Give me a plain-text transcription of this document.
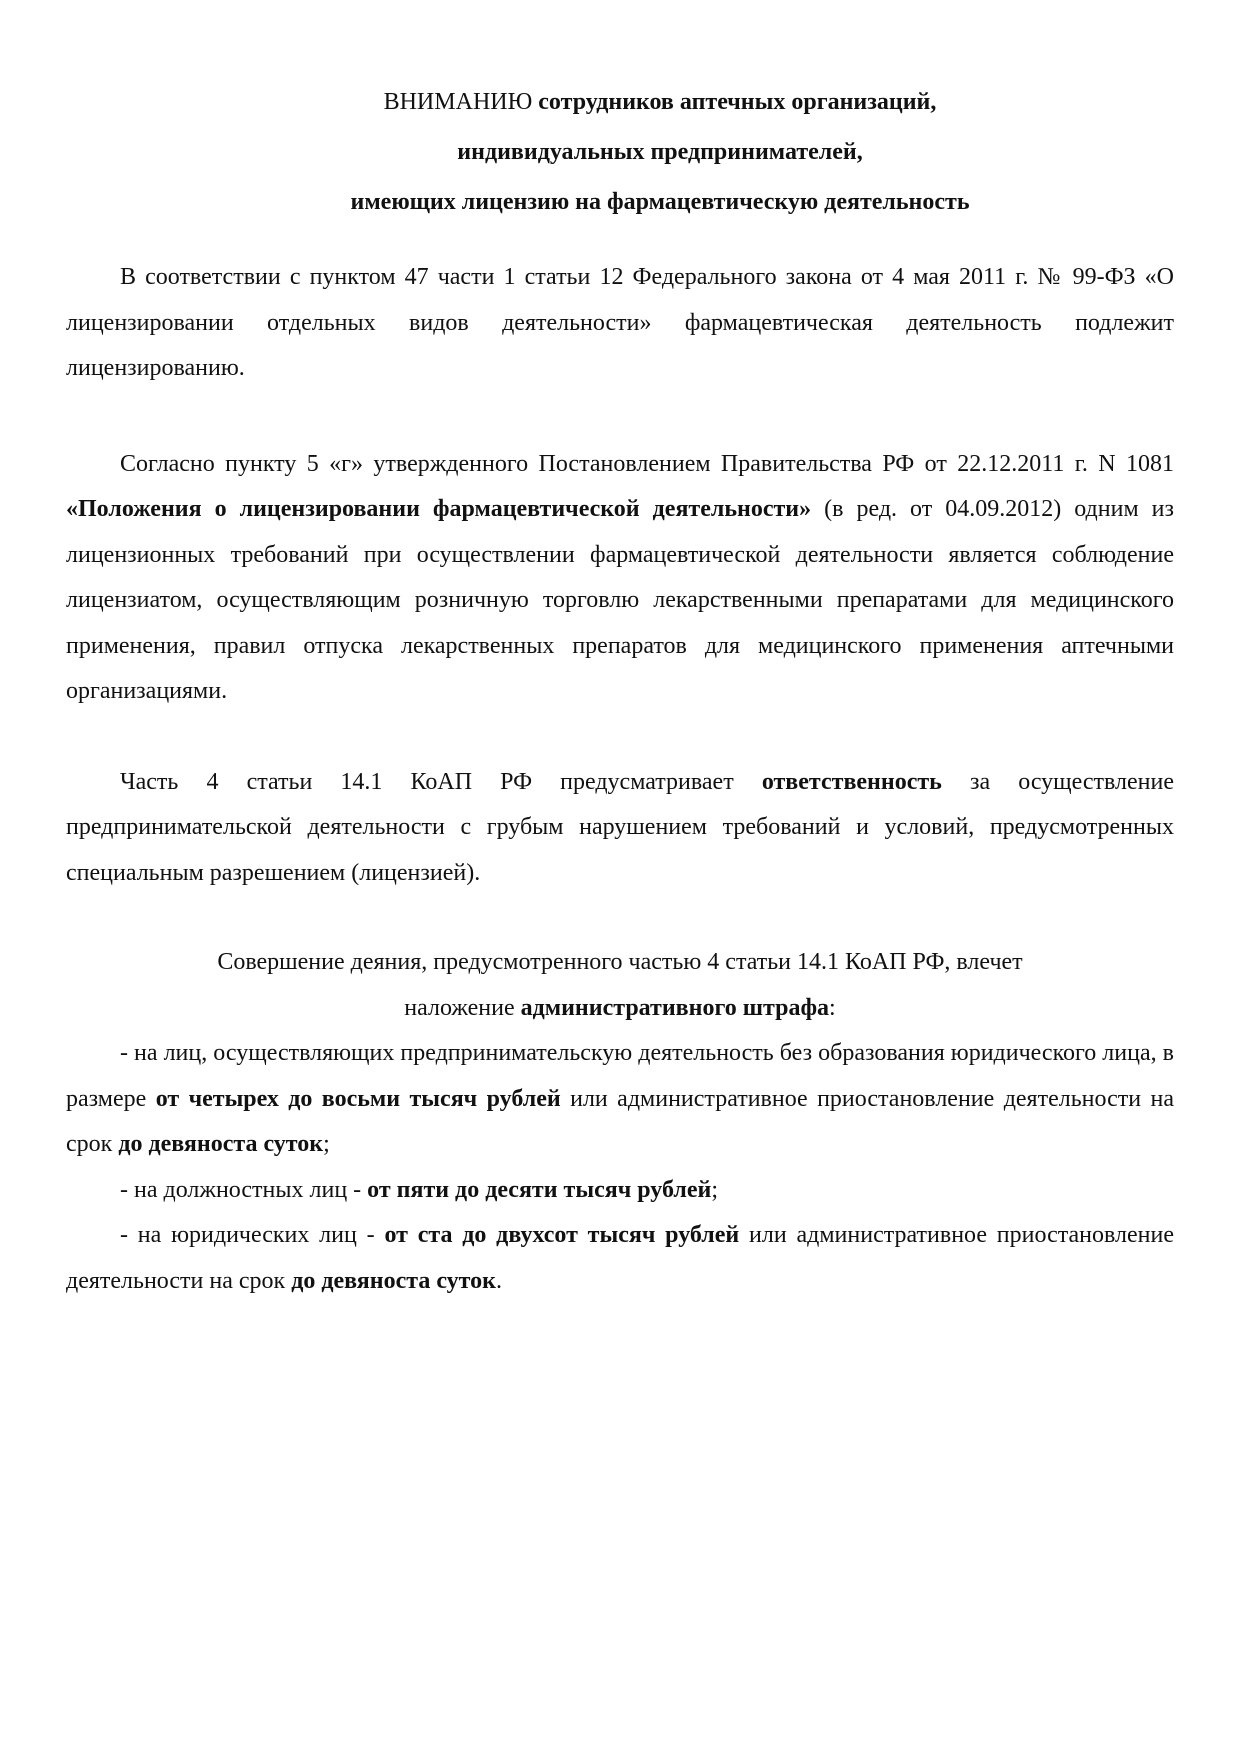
ВНИМАНИЮ сотрудников аптечных организаций,
индивидуальных предпринимателей,
имеющих лицензию на фармацевтическую деятельность

В соответствии с пунктом 47 части 1 статьи 12 Федерального закона от 4 мая 2011 г. № 99-ФЗ «О лицензировании отдельных видов деятельности» фармацевтическая деятельность подлежит лицензированию.

Согласно пункту 5 «г» утвержденного Постановлением Правительства РФ от 22.12.2011 г. N 1081 «Положения о лицензировании фармацевтической деятельности» (в ред. от 04.09.2012) одним из лицензионных требований при осуществлении фармацевтической деятельности является соблюдение лицензиатом, осуществляющим розничную торговлю лекарственными препаратами для медицинского применения, правил отпуска лекарственных препаратов для медицинского применения аптечными организациями.

Часть 4 статьи 14.1 КоАП РФ предусматривает ответственность за осуществление предпринимательской деятельности с грубым нарушением требований и условий, предусмотренных специальным разрешением (лицензией).

Совершение деяния, предусмотренного частью 4 статьи 14.1 КоАП РФ, влечет
наложение административного штрафа:

- на лиц, осуществляющих предпринимательскую деятельность без образования юридического лица, в размере от четырех до восьми тысяч рублей или административное приостановление деятельности на срок до девяноста суток;

- на должностных лиц - от пяти до десяти тысяч рублей;

- на юридических лиц - от ста до двухсот тысяч рублей или административное приостановление деятельности на срок до девяноста суток.
